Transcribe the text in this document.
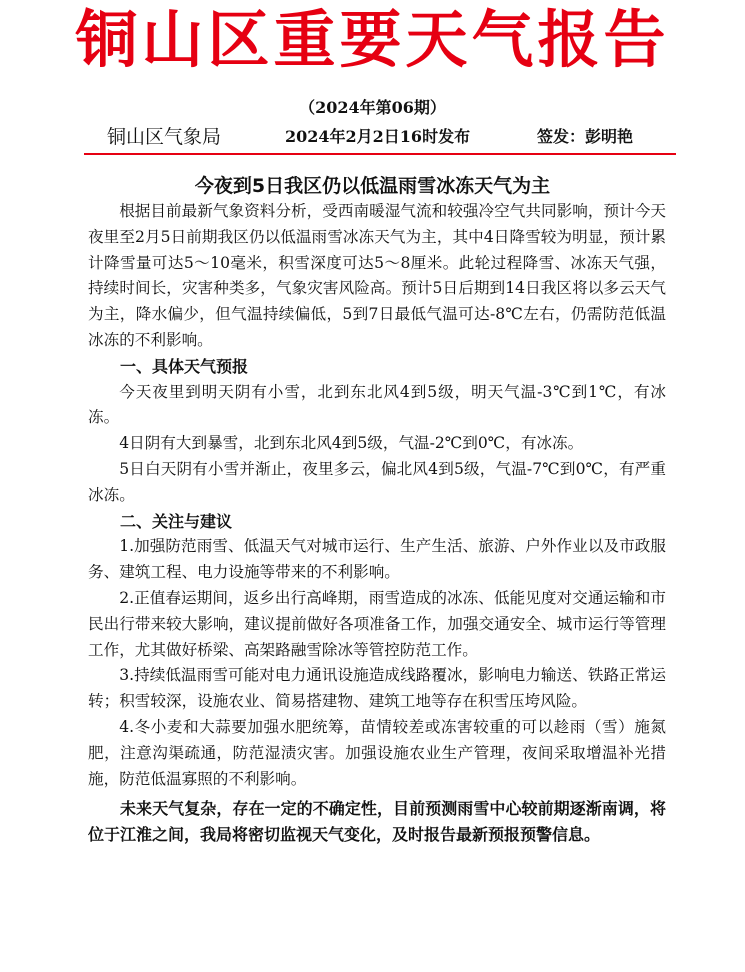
铜山区重要天气报告
（2024年第06期）
铜山区气象局	2024年2月2日16时发布	签发：彭明艳
今夜到5日我区仍以低温雨雪冰冻天气为主

根据目前最新气象资料分析，受西南暖湿气流和较强冷空气共同影响，预计今天夜里至2月5日前期我区仍以低温雨雪冰冻天气为主，其中4日降雪较为明显，预计累计降雪量可达5～10毫米，积雪深度可达5～8厘米。此轮过程降雪、冰冻天气强，持续时间长，灾害种类多，气象灾害风险高。预计5日后期到14日我区将以多云天气为主，降水偏少，但气温持续偏低，5到7日最低气温可达-8℃左右，仍需防范低温冰冻的不利影响。

一、具体天气预报

今天夜里到明天阴有小雪，北到东北风4到5级，明天气温-3℃到1℃，有冰冻。

4日阴有大到暴雪，北到东北风4到5级，气温-2℃到0℃，有冰冻。

5日白天阴有小雪并渐止，夜里多云，偏北风4到5级，气温-7℃到0℃，有严重冰冻。

二、关注与建议

1.加强防范雨雪、低温天气对城市运行、生产生活、旅游、户外作业以及市政服务、建筑工程、电力设施等带来的不利影响。

2.正值春运期间，返乡出行高峰期，雨雪造成的冰冻、低能见度对交通运输和市民出行带来较大影响，建议提前做好各项准备工作，加强交通安全、城市运行等管理工作，尤其做好桥梁、高架路融雪除冰等管控防范工作。

3.持续低温雨雪可能对电力通讯设施造成线路覆冰，影响电力输送、铁路正常运转；积雪较深，设施农业、简易搭建物、建筑工地等存在积雪压垮风险。

4.冬小麦和大蒜要加强水肥统筹，苗情较差或冻害较重的可以趁雨（雪）施氮肥，注意沟渠疏通，防范湿渍灾害。加强设施农业生产管理，夜间采取增温补光措施，防范低温寡照的不利影响。

未来天气复杂，存在一定的不确定性，目前预测雨雪中心较前期逐渐南调，将位于江淮之间，我局将密切监视天气变化，及时报告最新预报预警信息。
